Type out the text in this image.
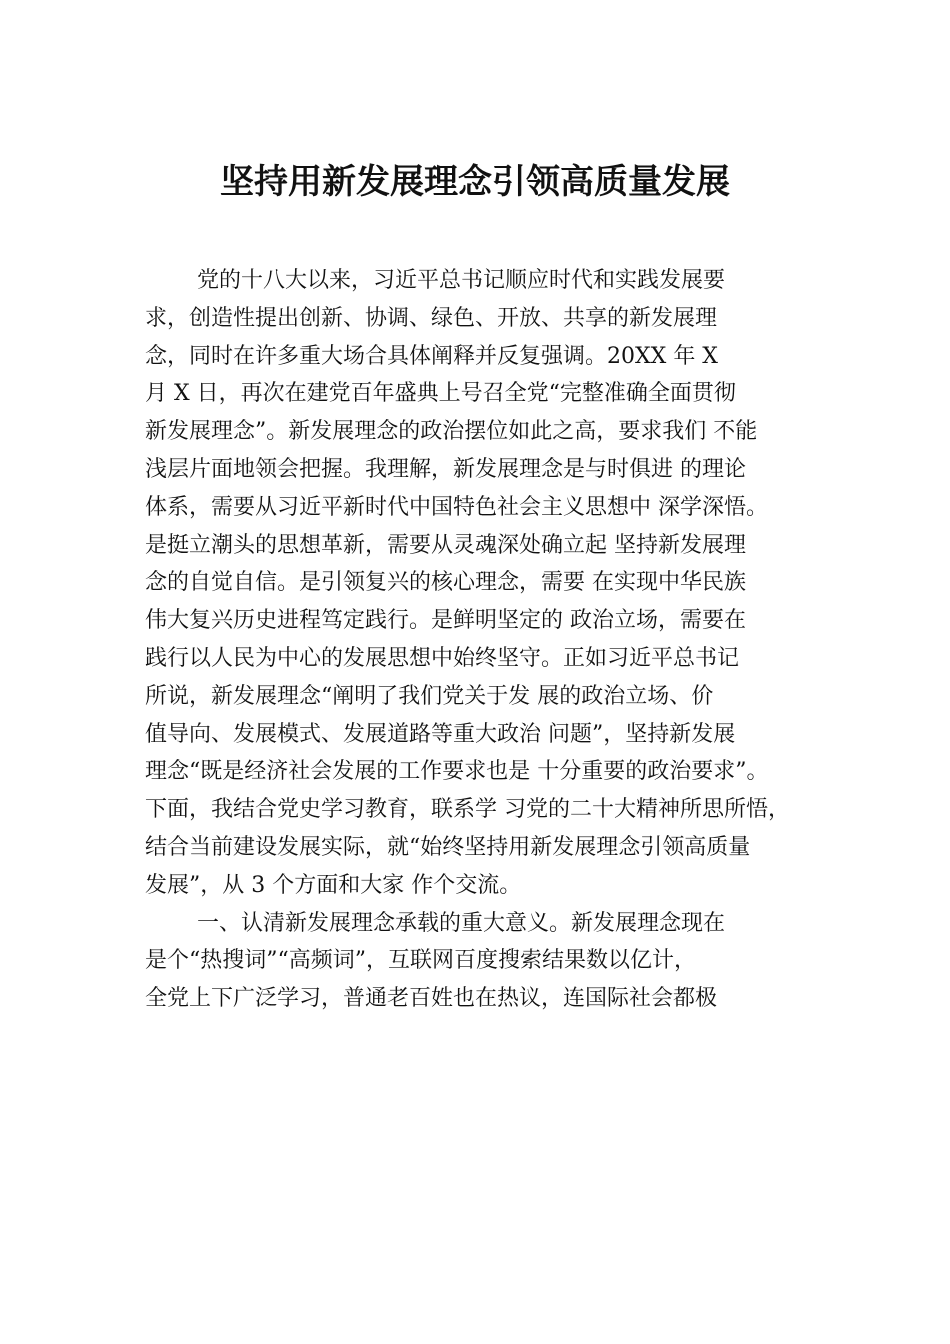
坚持用新发展理念引领高质量发展
党的十八大以来，习近平总书记顺应时代和实践发展要
求，创造性提出创新、协调、绿色、开放、共享的新发展理
念，同时在许多重大场合具体阐释并反复强调。20XX 年 X
月 X 日，再次在建党百年盛典上号召全党“完整准确全面贯彻
新发展理念”。新发展理念的政治摆位如此之高，要求我们 不能
浅层片面地领会把握。我理解，新发展理念是与时俱进 的理论
体系，需要从习近平新时代中国特色社会主义思想中 深学深悟。
是挺立潮头的思想革新，需要从灵魂深处确立起 坚持新发展理
念的自觉自信。是引领复兴的核心理念，需要 在实现中华民族
伟大复兴历史进程笃定践行。是鲜明坚定的 政治立场，需要在
践行以人民为中心的发展思想中始终坚守。正如习近平总书记
所说，新发展理念“阐明了我们党关于发 展的政治立场、价
值导向、发展模式、发展道路等重大政治 问题”，坚持新发展
理念“既是经济社会发展的工作要求也是 十分重要的政治要求”。
下面，我结合党史学习教育，联系学 习党的二十大精神所思所悟，
结合当前建设发展实际，就“始终坚持用新发展理念引领高质量
发展”，从 3 个方面和大家 作个交流。
一、认清新发展理念承载的重大意义。新发展理念现在
是个“热搜词”“高频词”，互联网百度搜索结果数以亿计，
全党上下广泛学习，普通老百姓也在热议，连国际社会都极
